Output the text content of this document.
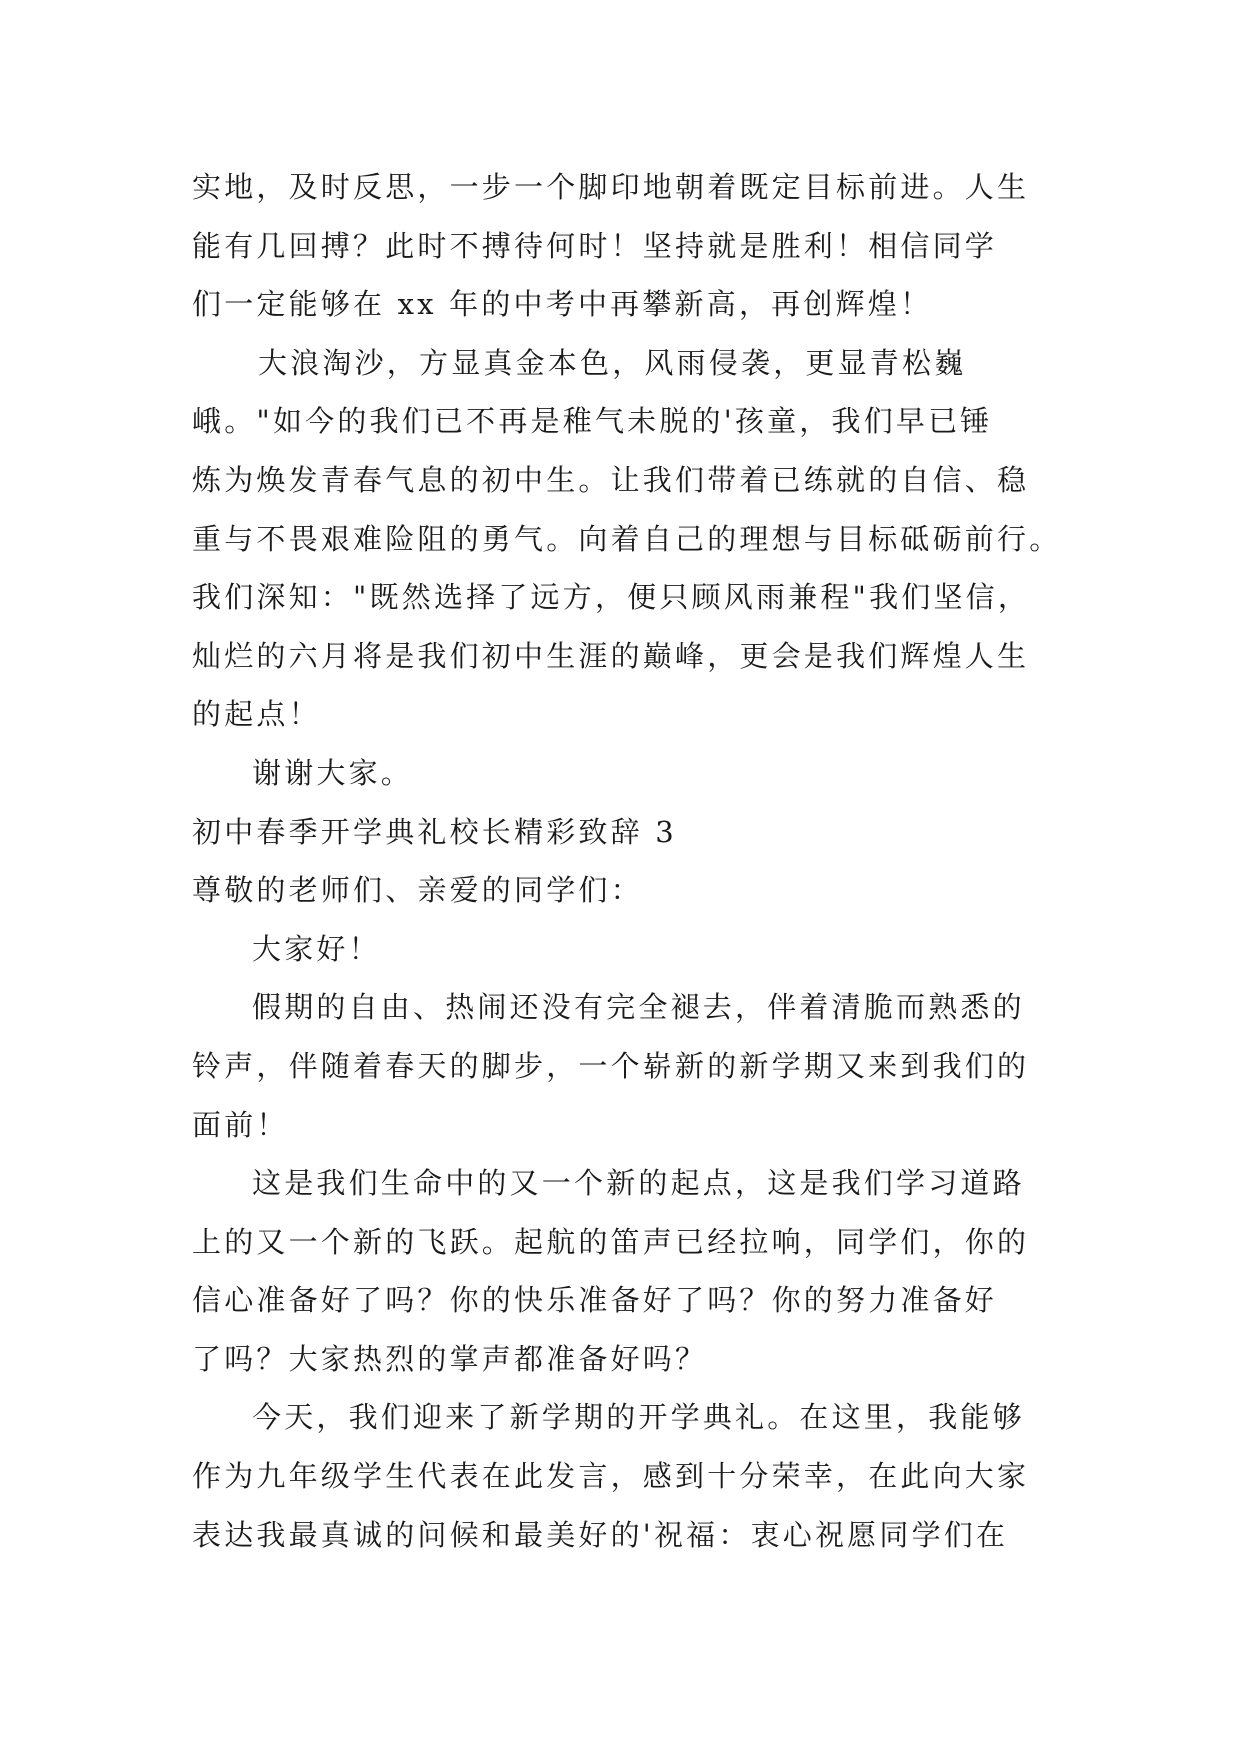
实地，及时反思，一步一个脚印地朝着既定目标前进。人生
能有几回搏？此时不搏待何时！坚持就是胜利！相信同学
们一定能够在 xx 年的中考中再攀新高，再创辉煌！

大浪淘沙，方显真金本色，风雨侵袭，更显青松巍
峨。"如今的我们已不再是稚气未脱的'孩童，我们早已锤
炼为焕发青春气息的初中生。让我们带着已练就的自信、稳
重与不畏艰难险阻的勇气。向着自己的理想与目标砥砺前行。
我们深知："既然选择了远方，便只顾风雨兼程"我们坚信，
灿烂的六月将是我们初中生涯的巅峰，更会是我们辉煌人生
的起点！

谢谢大家。

初中春季开学典礼校长精彩致辞 3

尊敬的老师们、亲爱的同学们：

大家好！

假期的自由、热闹还没有完全褪去，伴着清脆而熟悉的
铃声，伴随着春天的脚步，一个崭新的新学期又来到我们的
面前！

这是我们生命中的又一个新的起点，这是我们学习道路
上的又一个新的飞跃。起航的笛声已经拉响，同学们，你的
信心准备好了吗？你的快乐准备好了吗？你的努力准备好
了吗？大家热烈的掌声都准备好吗？

今天，我们迎来了新学期的开学典礼。在这里，我能够
作为九年级学生代表在此发言，感到十分荣幸，在此向大家
表达我最真诚的问候和最美好的'祝福：衷心祝愿同学们在
